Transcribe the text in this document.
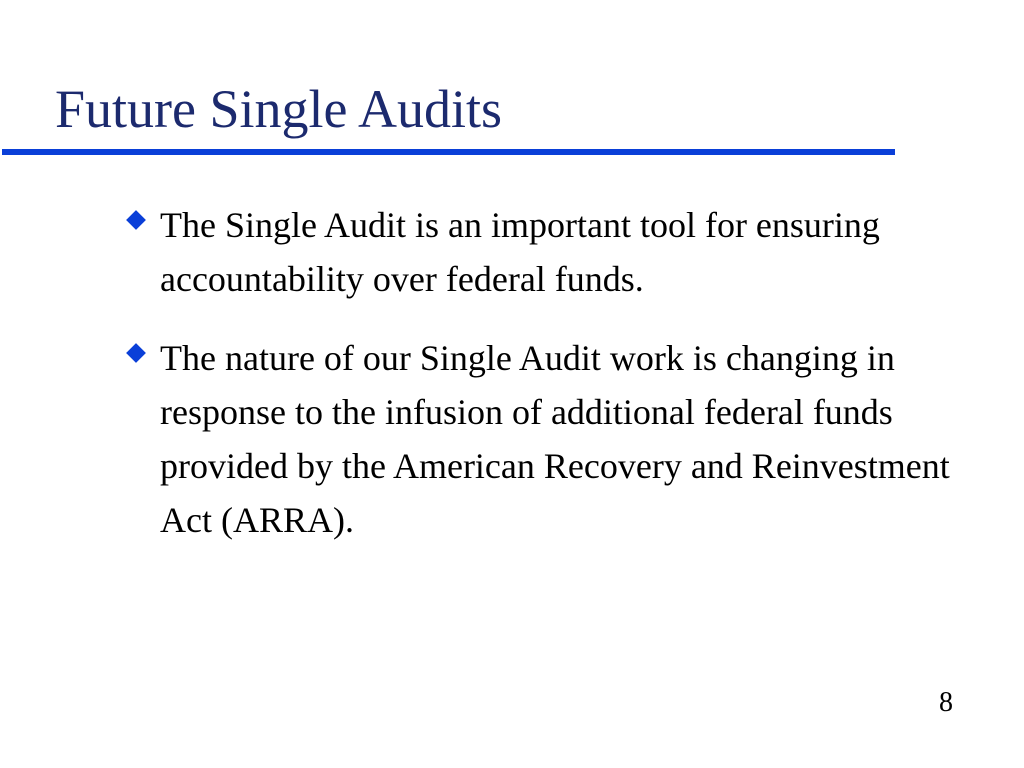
Future Single Audits
The Single Audit is an important tool for ensuring accountability over federal funds.
The nature of our Single Audit work is changing in response to the infusion of additional federal funds provided by the American Recovery and Reinvestment Act (ARRA).
8
